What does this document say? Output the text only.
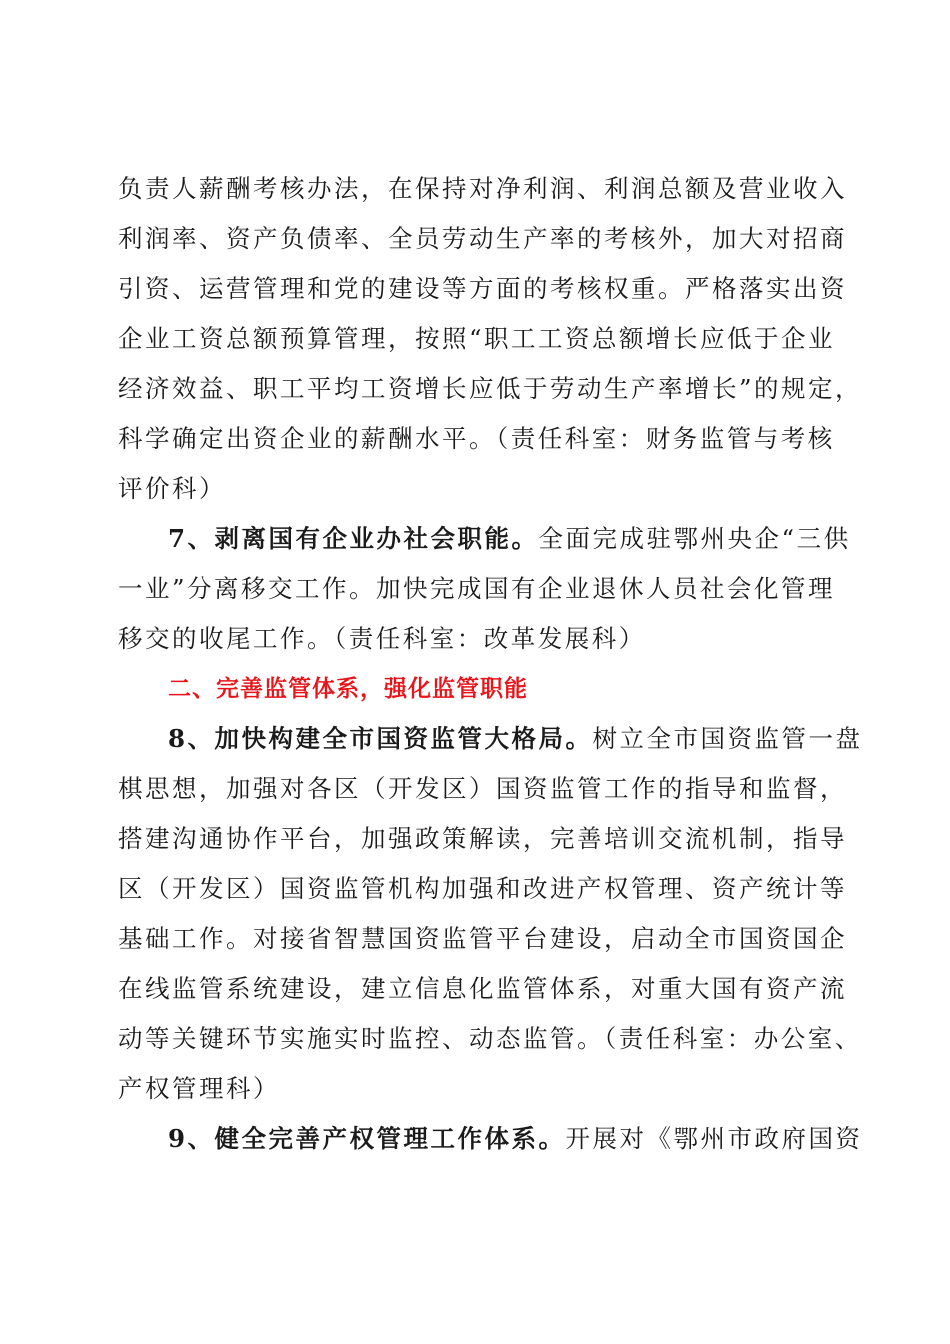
负责人薪酬考核办法，在保持对净利润、利润总额及营业收入
利润率、资产负债率、全员劳动生产率的考核外，加大对招商
引资、运营管理和党的建设等方面的考核权重。严格落实出资
企业工资总额预算管理，按照“职工工资总额增长应低于企业
经济效益、职工平均工资增长应低于劳动生产率增长”的规定，
科学确定出资企业的薪酬水平。（责任科室：财务监管与考核
评价科）
7、剥离国有企业办社会职能。全面完成驻鄂州央企“三供
一业”分离移交工作。加快完成国有企业退休人员社会化管理
移交的收尾工作。（责任科室：改革发展科）
二、完善监管体系，强化监管职能
8、加快构建全市国资监管大格局。树立全市国资监管一盘
棋思想，加强对各区（开发区）国资监管工作的指导和监督，
搭建沟通协作平台，加强政策解读，完善培训交流机制，指导
区（开发区）国资监管机构加强和改进产权管理、资产统计等
基础工作。对接省智慧国资监管平台建设，启动全市国资国企
在线监管系统建设，建立信息化监管体系，对重大国有资产流
动等关键环节实施实时监控、动态监管。（责任科室：办公室、
产权管理科）
9、健全完善产权管理工作体系。开展对《鄂州市政府国资
